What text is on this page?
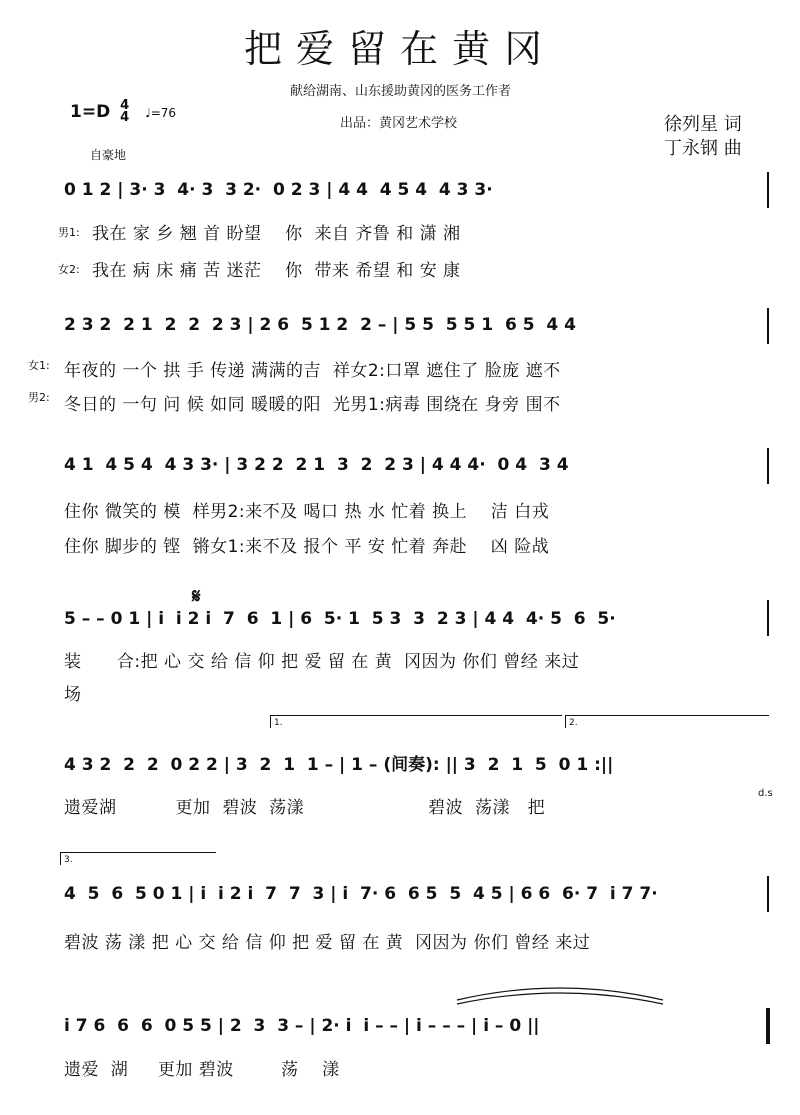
把爱留在黄冈
献给湖南、山东援助黄冈的医务工作者
1=D 4
4 ♩=76
出品：黄冈艺术学校	徐列星 词
丁永钢 曲
自豪地
0 1 2 | 3· 3  4· 3  3 2·  0 2 3 | 4 4  4 5 4  4 3 3·
男1: 我在 家 乡 翘 首 盼望    你  来自 齐鲁 和 潇 湘
女2: 我在 病 床 痛 苦 迷茫    你  带来 希望 和 安 康
2 3 2  2 1  2  2  2 3 | 2 6  5 1 2  2 – | 5 5  5 5 1  6 5  4 4
女1: 年夜的 一个 拱 手 传递 满满的吉  祥女2:口罩 遮住了 脸庞 遮不
男2: 冬日的 一句 问 候 如同 暖暖的阳  光男1:病毒 围绕在 身旁 围不
4 1  4 5 4  4 3 3· | 3 2 2  2 1  3  2  2 3 | 4 4 4·  0 4  3 4
住你 微笑的 模  样男2:来不及 喝口 热 水 忙着 换上    洁 白戎
住你 脚步的 铿  锵女1:来不及 报个 平 安 忙着 奔赴    凶 险战
𝄋
5 – – 0 1 | i  i 2 i  7  6  1 | 6  5· 1  5 3  3  2 3 | 4 4  4· 5  6  5·
装      合:把 心 交 给 信 仰 把 爱 留 在 黄  冈因为 你们 曾经 来过
场
1.	2.
4 3 2  2  2  0 2 2 | 3  2  1  1 – | 1 – (间奏): || 3  2  1  5  0 1 :||
d.s
遗爱湖          更加  碧波  荡漾                     碧波  荡漾   把
3.
4  5  6  5 0 1 | i  i 2 i  7  7  3 | i  7· 6  6 5  5  4 5 | 6 6  6· 7  i 7 7·
碧波 荡 漾 把 心 交 给 信 仰 把 爱 留 在 黄  冈因为 你们 曾经 来过
i 7 6  6  6  0 5 5 | 2  3  3 – | 2· i  i – – | i – – – | i – 0 ||
遗爱  湖     更加 碧波        荡    漾
